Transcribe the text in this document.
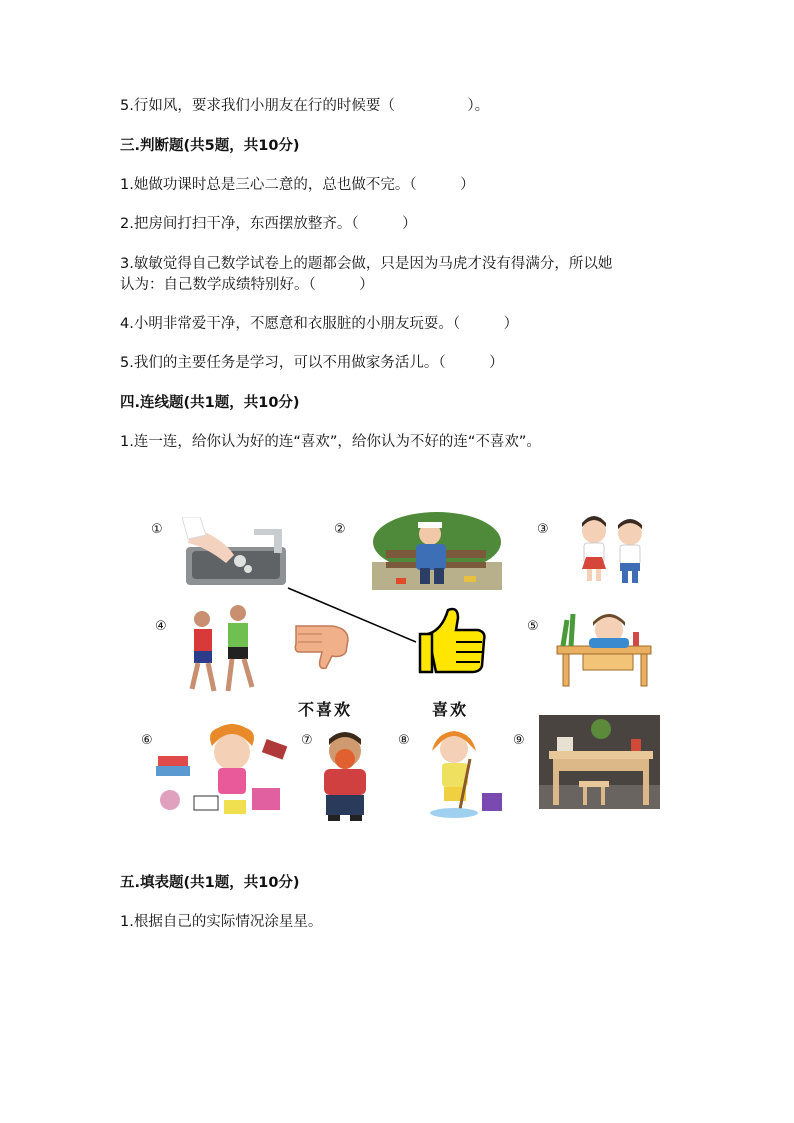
5.行如风，要求我们小朋友在行的时候要（　　　　　）。
三.判断题(共5题，共10分)
1.她做功课时总是三心二意的，总也做不完。（　　　）
2.把房间打扫干净，东西摆放整齐。（　　　）
3.敏敏觉得自己数学试卷上的题都会做，只是因为马虎才没有得满分，所以她
认为：自己数学成绩特别好。（　　　）
4.小明非常爱干净，不愿意和衣服脏的小朋友玩耍。（　　　）
5.我们的主要任务是学习，可以不用做家务活儿。（　　　）
四.连线题(共1题，共10分)
1.连一连，给你认为好的连“喜欢”，给你认为不好的连“不喜欢”。
五.填表题(共1题，共10分)
1.根据自己的实际情况涂星星。
①	②	③
④	⑤
⑥	⑦	⑧	⑨
不喜欢	喜欢
